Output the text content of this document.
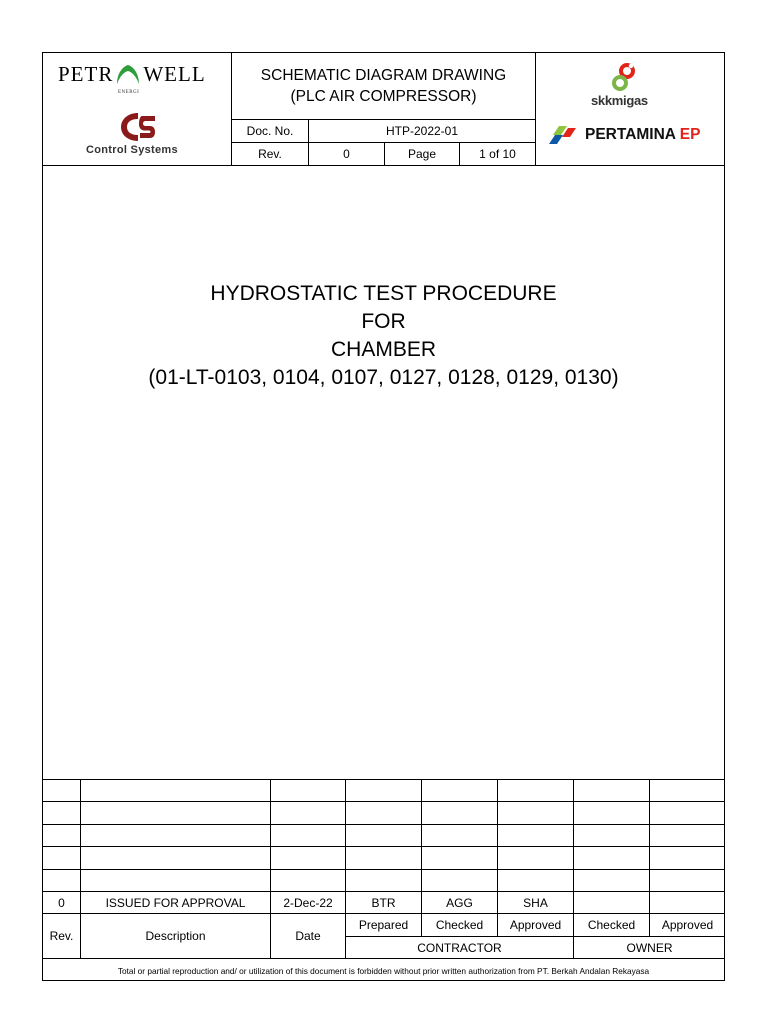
PETR WELL
ENERGI
Control Systems
SCHEMATIC DIAGRAM DRAWING
(PLC AIR COMPRESSOR)
Doc. No.	HTP-2022-01
Rev.	0	Page	1 of 10
skkmigas
PERTAMINA EP
HYDROSTATIC TEST PROCEDURE
FOR
CHAMBER
(01-LT-0103, 0104, 0107, 0127, 0128, 0129, 0130)
0	ISSUED FOR APPROVAL	2-Dec-22	BTR	AGG	SHA
Rev.	Description	Date
Prepared	Checked	Approved	Checked	Approved
CONTRACTOR	OWNER
Total or partial reproduction and/ or utilization of this document is forbidden without prior written authorization from PT. Berkah Andalan Rekayasa
